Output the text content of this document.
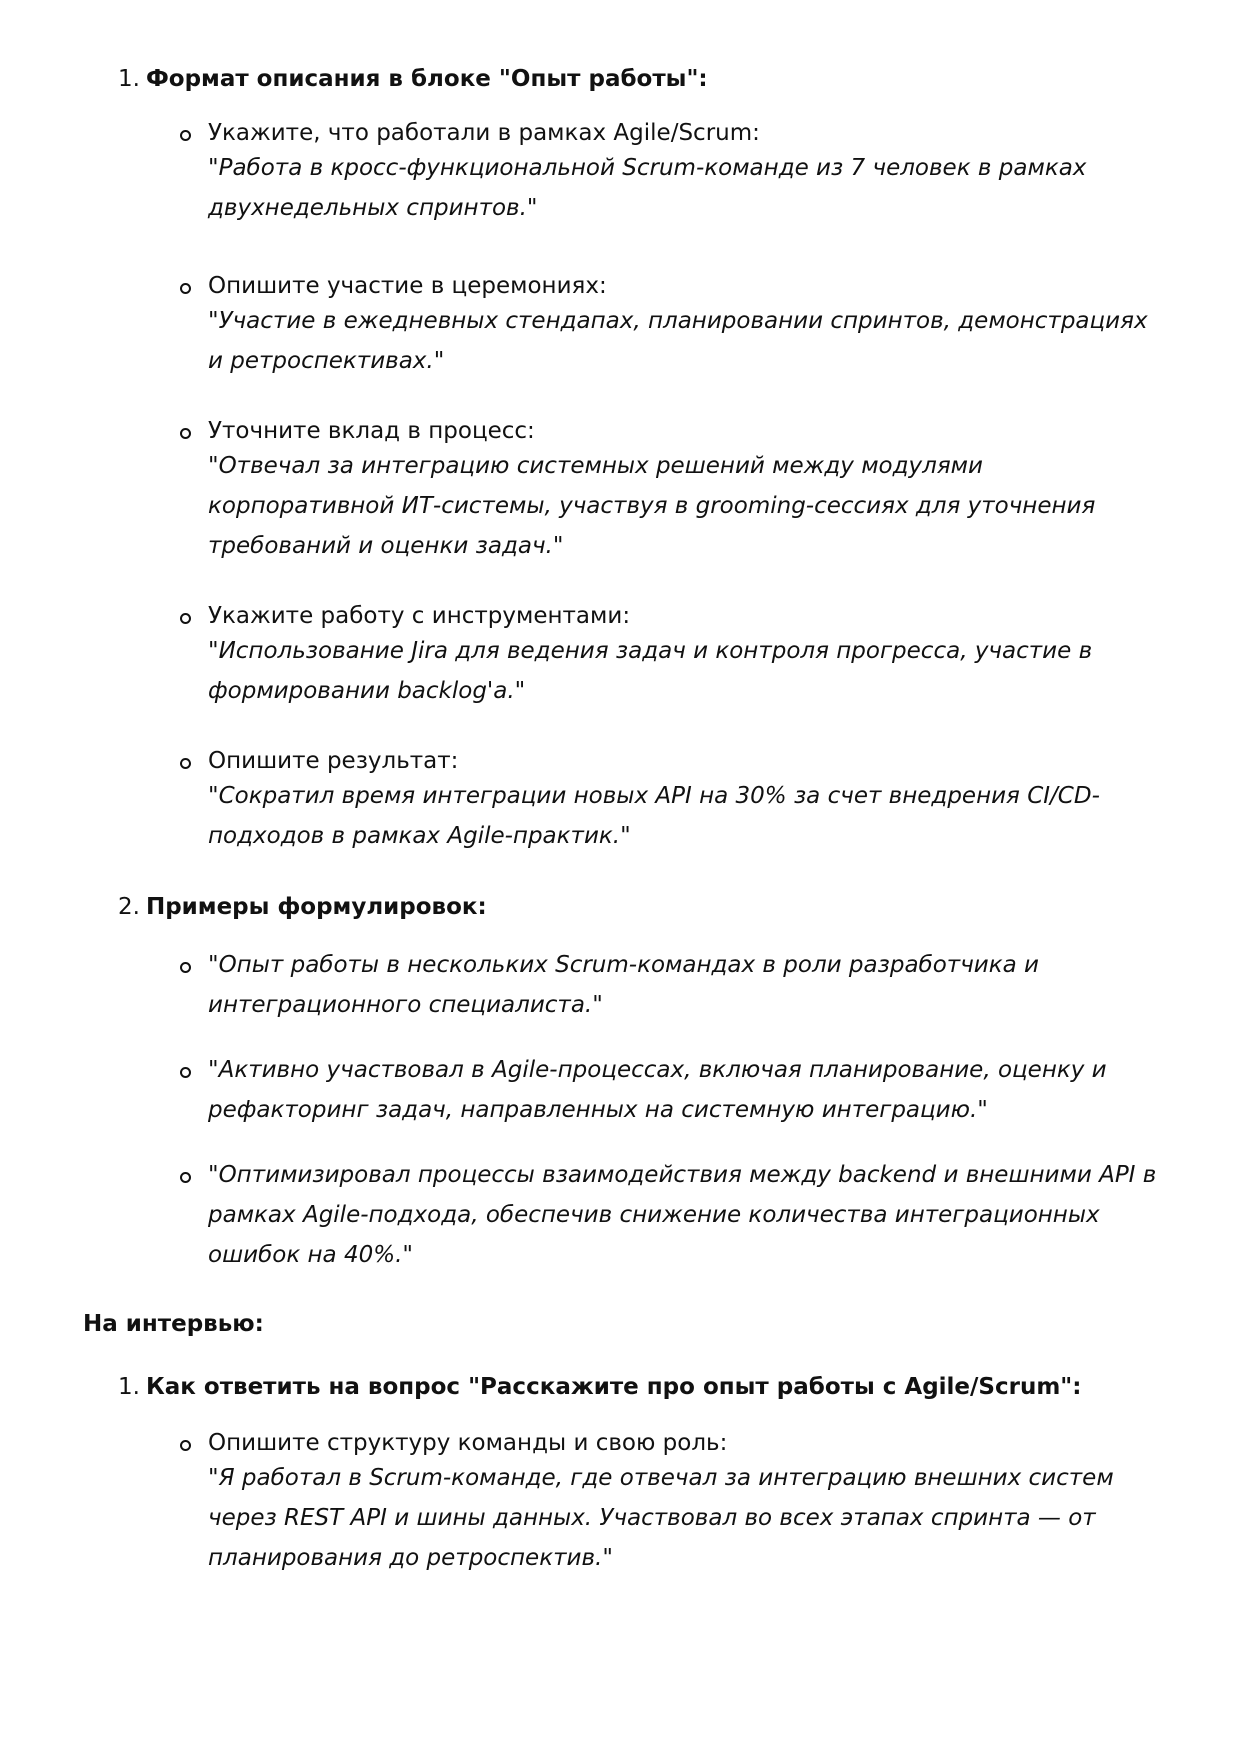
1. Формат описания в блоке "Опыт работы":
Укажите, что работали в рамках Agile/Scrum:
"Работа в кросс-функциональной Scrum-команде из 7 человек в рамках двухнедельных спринтов."
Опишите участие в церемониях:
"Участие в ежедневных стендапах, планировании спринтов, демонстрациях и ретроспективах."
Уточните вклад в процесс:
"Отвечал за интеграцию системных решений между модулями корпоративной ИТ-системы, участвуя в grooming-сессиях для уточнения требований и оценки задач."
Укажите работу с инструментами:
"Использование Jira для ведения задач и контроля прогресса, участие в формировании backlog'а."
Опишите результат:
"Сократил время интеграции новых API на 30% за счет внедрения CI/CD-подходов в рамках Agile-практик."
2. Примеры формулировок:
"Опыт работы в нескольких Scrum-командах в роли разработчика и интеграционного специалиста."
"Активно участвовал в Agile-процессах, включая планирование, оценку и рефакторинг задач, направленных на системную интеграцию."
"Оптимизировал процессы взаимодействия между backend и внешними API в рамках Agile-подхода, обеспечив снижение количества интеграционных ошибок на 40%."
На интервью:
1. Как ответить на вопрос "Расскажите про опыт работы с Agile/Scrum":
Опишите структуру команды и свою роль:
"Я работал в Scrum-команде, где отвечал за интеграцию внешних систем через REST API и шины данных. Участвовал во всех этапах спринта — от планирования до ретроспектив."
